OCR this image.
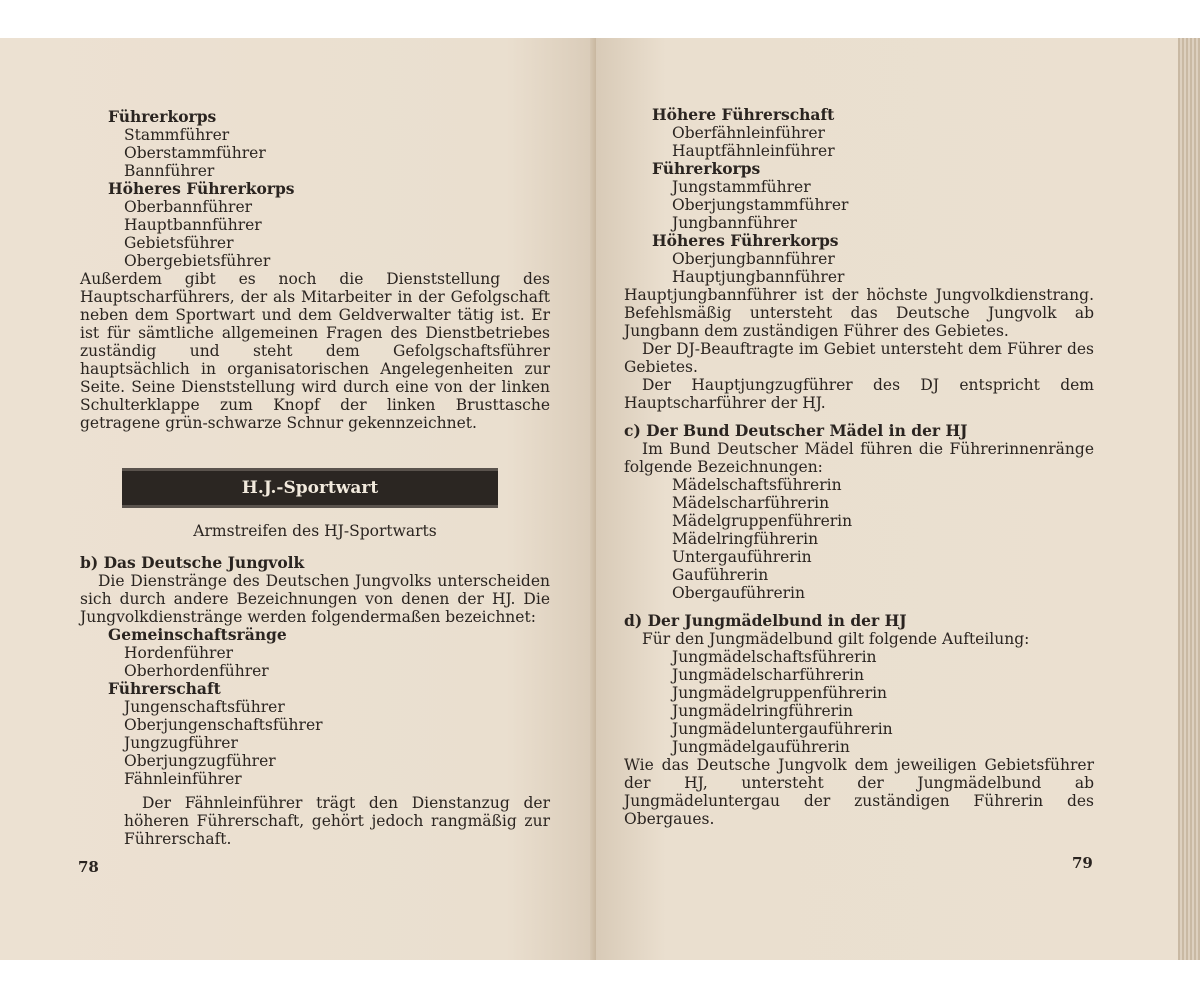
Führerkorps
Stammführer
Oberstammführer
Bannführer
Höheres Führerkorps
Oberbannführer
Hauptbannführer
Gebietsführer
Obergebietsführer

Außerdem gibt es noch die Dienststellung des Hauptscharführers, der als Mitarbeiter in der Gefolgschaft neben dem Sportwart und dem Geldverwalter tätig ist. Er ist für sämtliche allgemeinen Fragen des Dienstbetriebes zuständig und steht dem Gefolgschaftsführer hauptsächlich in organisatorischen Angelegenheiten zur Seite. Seine Dienststellung wird durch eine von der linken Schulterklappe zum Knopf der linken Brusttasche getragene grün-schwarze Schnur gekennzeichnet.

H.J.-Sportwart
Armstreifen des HJ-Sportwarts
b) Das Deutsche Jungvolk

Die Dienstränge des Deutschen Jungvolks unterscheiden sich durch andere Bezeichnungen von denen der HJ. Die Jungvolkdienstränge werden folgendermaßen bezeichnet:

Gemeinschaftsränge
Hordenführer
Oberhordenführer
Führerschaft
Jungenschaftsführer
Oberjungenschaftsführer
Jungzugführer
Oberjungzugführer
Fähnleinführer

Der Fähnleinführer trägt den Dienstanzug der höheren Führerschaft, gehört jedoch rangmäßig zur Führerschaft.

78
Höhere Führerschaft
Oberfähnleinführer
Hauptfähnleinführer
Führerkorps
Jungstammführer
Oberjungstammführer
Jungbannführer
Höheres Führerkorps
Oberjungbannführer
Hauptjungbannführer

Hauptjungbannführer ist der höchste Jungvolkdienstrang. Befehlsmäßig untersteht das Deutsche Jungvolk ab Jungbann dem zuständigen Führer des Gebietes.

Der DJ-Beauftragte im Gebiet untersteht dem Führer des Gebietes.

Der Hauptjungzugführer des DJ entspricht dem Hauptscharführer der HJ.

c) Der Bund Deutscher Mädel in der HJ

Im Bund Deutscher Mädel führen die Führerinnenränge folgende Bezeichnungen:

Mädelschaftsführerin
Mädelscharführerin
Mädelgruppenführerin
Mädelringführerin
Untergauführerin
Gauführerin
Obergauführerin
d) Der Jungmädelbund in der HJ

Für den Jungmädelbund gilt folgende Aufteilung:

Jungmädelschaftsführerin
Jungmädelscharführerin
Jungmädelgruppenführerin
Jungmädelringführerin
Jungmädeluntergauführerin
Jungmädelgauführerin

Wie das Deutsche Jungvolk dem jeweiligen Gebietsführer der HJ, untersteht der Jungmädelbund ab Jungmädeluntergau der zuständigen Führerin des Obergaues.

79
